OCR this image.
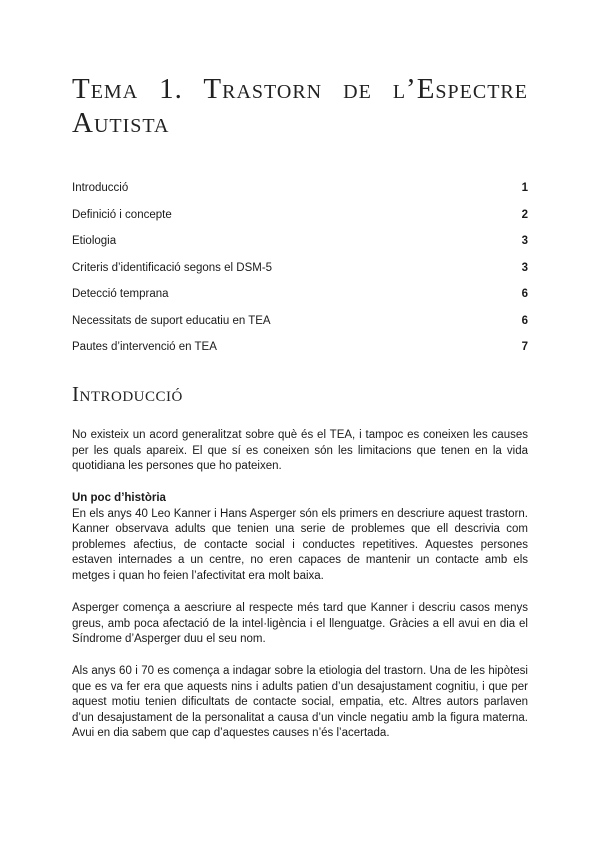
Tema 1. Trastorn de l’Espectre Autista
Introducció	1
Definició i concepte	2
Etiologia	3
Criteris d’identificació segons el DSM-5	3
Detecció temprana	6
Necessitats de suport educatiu en TEA	6
Pautes d’intervenció en TEA	7
Introducció

No existeix un acord generalitzat sobre què és el TEA, i tampoc es coneixen les causes per les quals apareix. El que sí es coneixen són les limitacions que tenen en la vida quotidiana les persones que ho pateixen.

Un poc d’història
En els anys 40 Leo Kanner i Hans Asperger són els primers en descriure aquest trastorn. Kanner observava adults que tenien una serie de problemes que ell descrivia com problemes afectius, de contacte social i conductes repetitives. Aquestes persones estaven internades a un centre, no eren capaces de mantenir un contacte amb els metges i quan ho feien l’afectivitat era molt baixa.

Asperger comença a aescriure al respecte més tard que Kanner i descriu casos menys greus, amb poca afectació de la intel·ligència i el llenguatge. Gràcies a ell avui en dia el Síndrome d’Asperger duu el seu nom.

Als anys 60 i 70 es comença a indagar sobre la etiologia del trastorn. Una de les hipòtesi que es va fer era que aquests nins i adults patien d’un desajustament cognitiu, i que per aquest motiu tenien dificultats de contacte social, empatia, etc. Altres autors parlaven d’un desajustament de la personalitat a causa d’un vincle negatiu amb la figura materna. Avui en dia sabem que cap d’aquestes causes n’és l’acertada.
